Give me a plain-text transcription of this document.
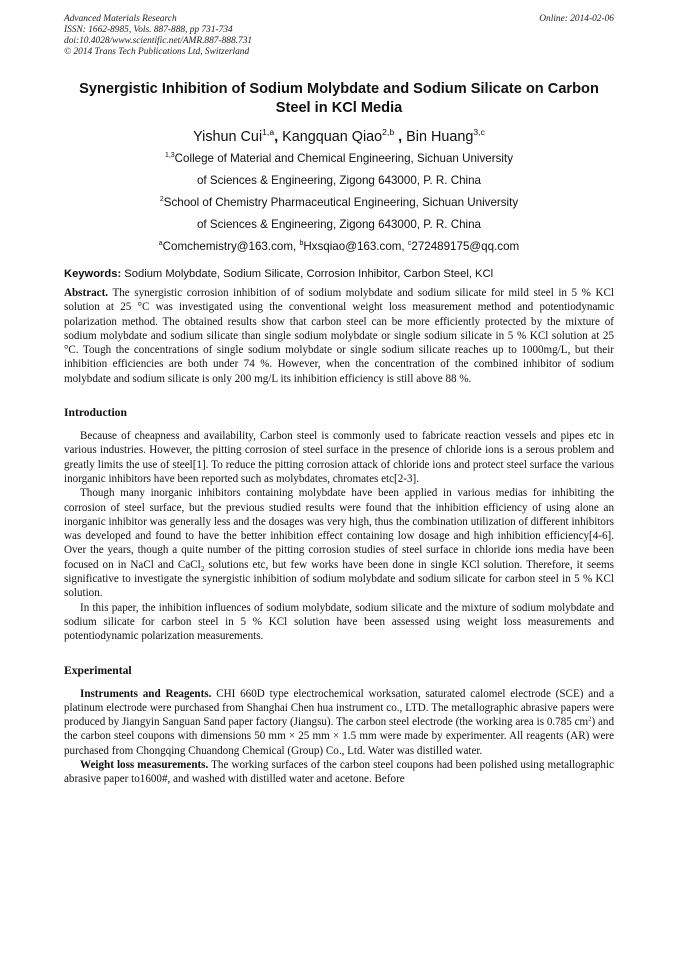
Advanced Materials Research
ISSN: 1662-8985, Vols. 887-888, pp 731-734
doi:10.4028/www.scientific.net/AMR.887-888.731
© 2014 Trans Tech Publications Ltd, Switzerland
Online: 2014-02-06
Synergistic Inhibition of Sodium Molybdate and Sodium Silicate on Carbon Steel in KCl Media
Yishun Cui$^{1,a}$, Kangquan Qiao$^{2,b}$ , Bin Huang$^{3,c}$
$^{1,3}$College of Material and Chemical Engineering, Sichuan University
of Sciences & Engineering, Zigong 643000, P. R. China
$^2$School of Chemistry Pharmaceutical Engineering, Sichuan University
of Sciences & Engineering, Zigong 643000, P. R. China
$^a$Comchemistry@163.com, $^b$Hxsqiao@163.com, $^c$272489175@qq.com
Keywords: Sodium Molybdate, Sodium Silicate, Corrosion Inhibitor, Carbon Steel, KCl

Abstract. The synergistic corrosion inhibition of of sodium molybdate and sodium silicate for mild steel in 5 % KCl solution at 25 °C was investigated using the conventional weight loss measurement method and potentiodynamic polarization method. The obtained results show that carbon steel can be more efficiently protected by the mixture of sodium molybdate and sodium silicate than single sodium molybdate or single sodium silicate in 5 % KCl solution at 25 °C. Tough the concentrations of single sodium molybdate or single sodium silicate reaches up to 1000mg/L, but their inhibition efficiencies are both under 74 %. However, when the concentration of the combined inhibitor of sodium molybdate and sodium silicate is only 200 mg/L its inhibition efficiency is still above 88 %.

Introduction

Because of cheapness and availability, Carbon steel is commonly used to fabricate reaction vessels and pipes etc in various industries. However, the pitting corrosion of steel surface in the presence of chloride ions is a serous problem and greatly limits the use of steel[1]. To reduce the pitting corrosion attack of chloride ions and protect steel surface the various inorganic inhibitors have been reported such as molybdates, chromates etc[2-3].

Though many inorganic inhibitors containing molybdate have been applied in various medias for inhibiting the corrosion of steel surface, but the previous studied results were found that the inhibition efficiency of using alone an inorganic inhibitor was generally less and the dosages was very high, thus the combination utilization of different inhibitors was developed and found to have the better inhibition effect containing low dosage and high inhibition efficiency[4-6]. Over the years, though a quite number of the pitting corrosion studies of steel surface in chloride ions media have been focused on in NaCl and CaCl$_2$ solutions etc, but few works have been done in single KCl solution. Therefore, it seems significative to investigate the synergistic inhibition of sodium molybdate and sodium silicate for carbon steel in 5 % KCl solution.

In this paper, the inhibition influences of sodium molybdate, sodium silicate and the mixture of sodium molybdate and sodium silicate for carbon steel in 5 % KCl solution have been assessed using weight loss measurements and potentiodynamic polarization measurements.

Experimental

Instruments and Reagents. CHI 660D type electrochemical worksation, saturated calomel electrode (SCE) and a platinum electrode were purchased from Shanghai Chen hua instrument co., LTD. The metallographic abrasive papers were produced by Jiangyin Sanguan Sand paper factory (Jiangsu). The carbon steel electrode (the working area is 0.785 $cm^2$) and the carbon steel coupons with dimensions 50 mm × 25 mm × 1.5 mm were made by experimenter. All reagents (AR) were purchased from Chongqing Chuandong Chemical (Group) Co., Ltd. Water was distilled water.

Weight loss measurements. The working surfaces of the carbon steel coupons had been polished using metallographic abrasive paper to1600#, and washed with distilled water and acetone. Before
